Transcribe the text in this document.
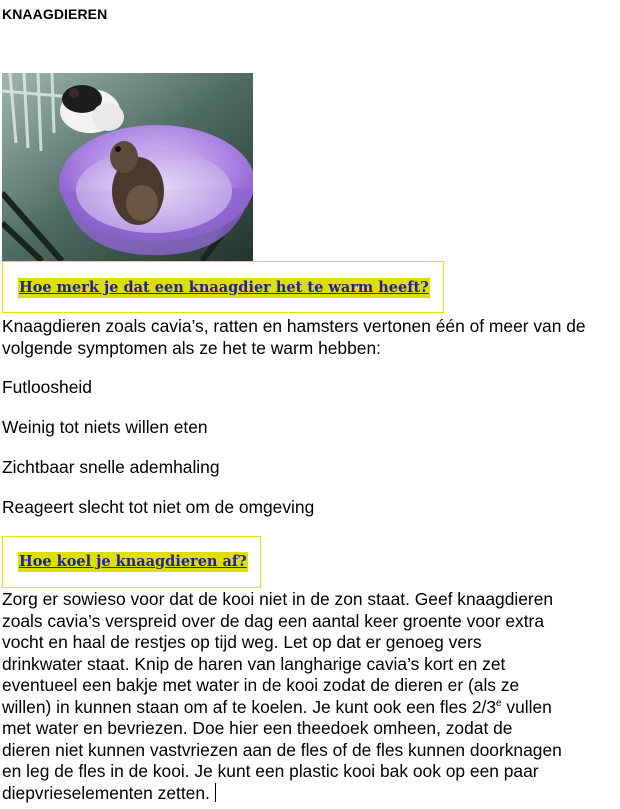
KNAAGDIEREN
Hoe merk je dat een knaagdier het te warm heeft?

Knaagdieren zoals cavia’s, ratten en hamsters vertonen één of meer van de volgende symptomen als ze het te warm hebben:

Futloosheid

Weinig tot niets willen eten

Zichtbaar snelle ademhaling

Reageert slecht tot niet om de omgeving

Hoe koel je knaagdieren af?

Zorg er sowieso voor dat de kooi niet in de zon staat. Geef knaagdieren
zoals cavia’s verspreid over de dag een aantal keer groente voor extra
vocht en haal de restjes op tijd weg. Let op dat er genoeg vers
drinkwater staat. Knip de haren van langharige cavia’s kort en zet
eventueel een bakje met water in de kooi zodat de dieren er (als ze
willen) in kunnen staan om af te koelen. Je kunt ook een fles 2/3e vullen
met water en bevriezen. Doe hier een theedoek omheen, zodat de
dieren niet kunnen vastvriezen aan de fles of de fles kunnen doorknagen
en leg de fles in de kooi. Je kunt een plastic kooi bak ook op een paar
diepvrieselementen zetten.
